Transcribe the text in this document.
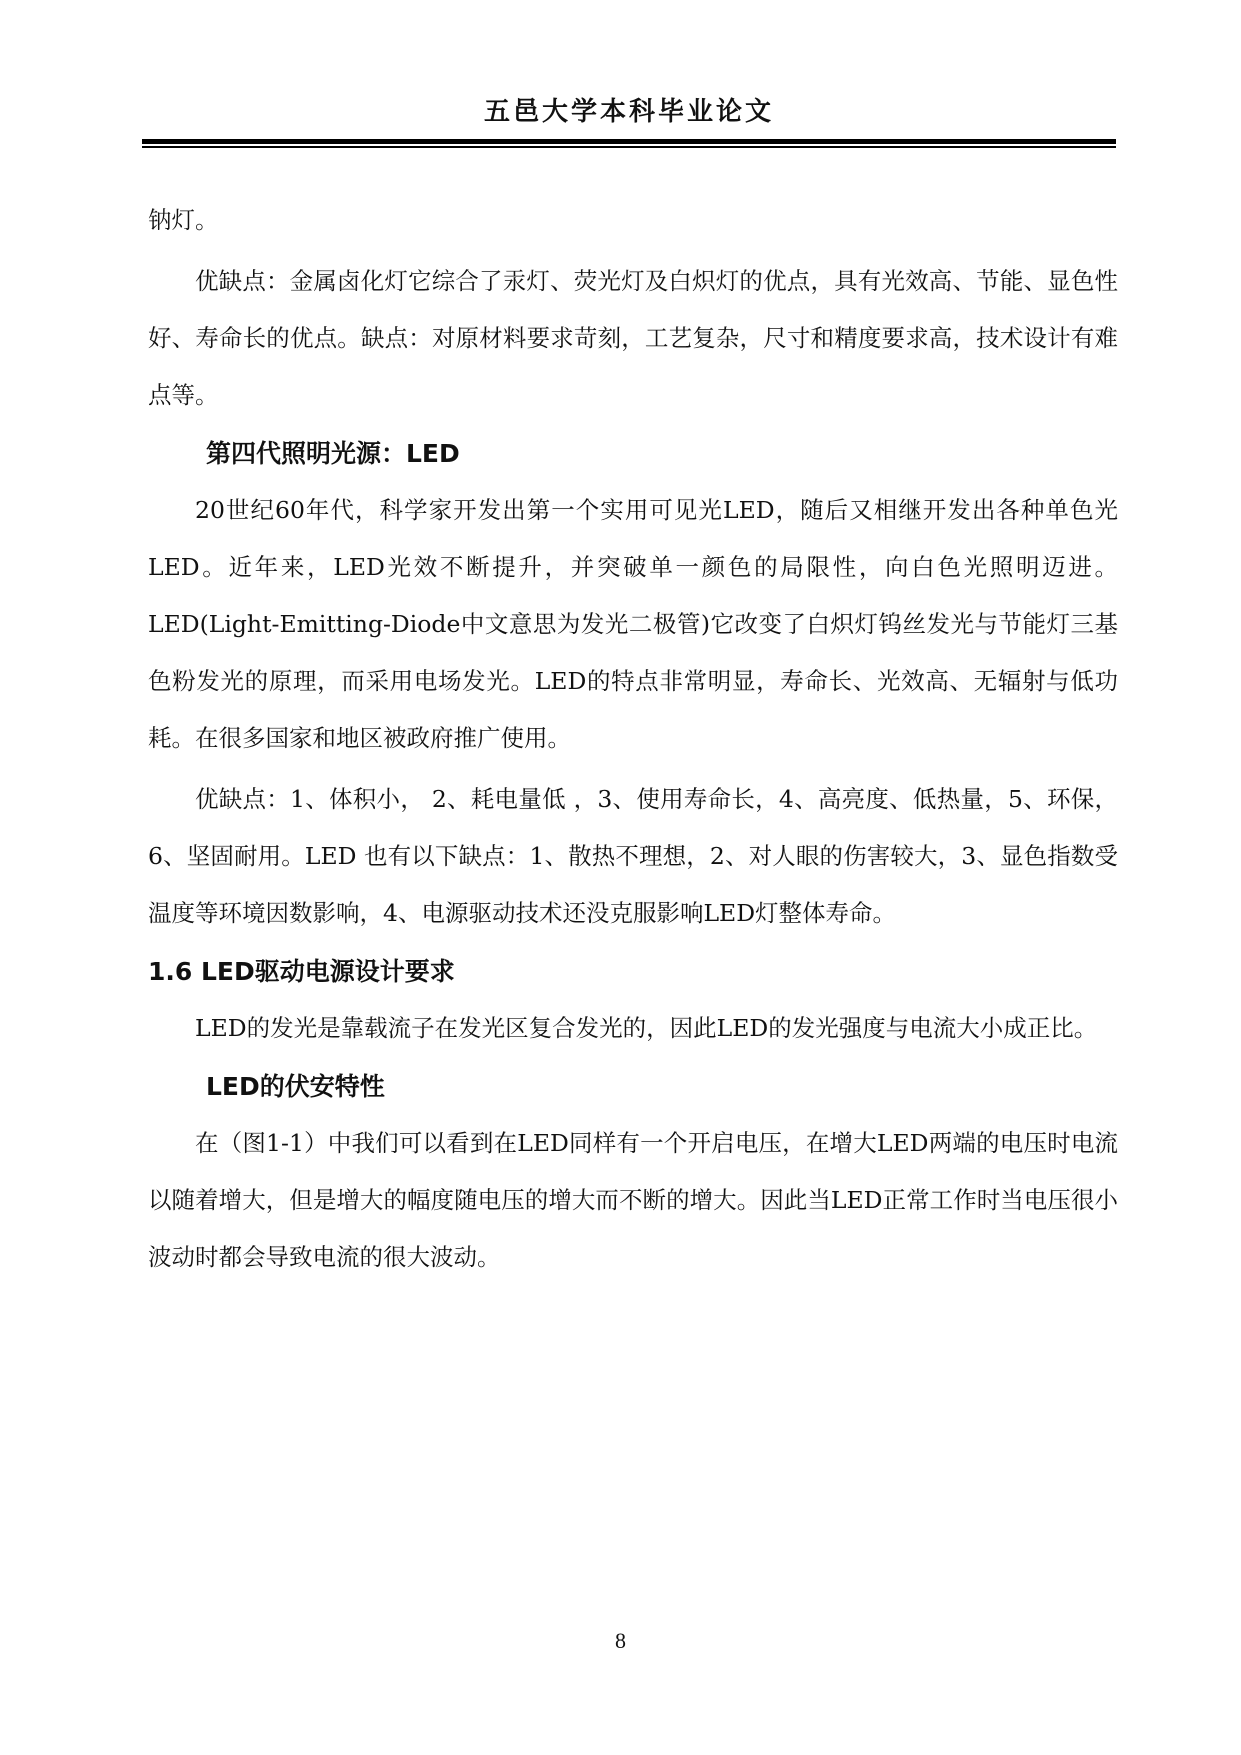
五邑大学本科毕业论文

钠灯。

优缺点：金属卤化灯它综合了汞灯、荧光灯及白炽灯的优点，具有光效高、节能、显色性好、寿命长的优点。缺点：对原材料要求苛刻，工艺复杂，尺寸和精度要求高，技术设计有难点等。

第四代照明光源：LED

20世纪60年代，科学家开发出第一个实用可见光LED，随后又相继开发出各种单色光LED。近年来，LED光效不断提升，并突破单一颜色的局限性，向白色光照明迈进。LED(Light-Emitting-Diode中文意思为发光二极管)它改变了白炽灯钨丝发光与节能灯三基色粉发光的原理，而采用电场发光。LED的特点非常明显，寿命长、光效高、无辐射与低功耗。在很多国家和地区被政府推广使用。

优缺点：1、体积小， 2、耗电量低 ，3、使用寿命长，4、高亮度、低热量，5、环保，6、坚固耐用。LED 也有以下缺点：1、散热不理想，2、对人眼的伤害较大，3、显色指数受温度等环境因数影响，4、电源驱动技术还没克服影响LED灯整体寿命。

1.6 LED驱动电源设计要求

LED的发光是靠载流子在发光区复合发光的，因此LED的发光强度与电流大小成正比。

LED的伏安特性

在（图1-1）中我们可以看到在LED同样有一个开启电压，在增大LED两端的电压时电流以随着增大，但是增大的幅度随电压的增大而不断的增大。因此当LED正常工作时当电压很小波动时都会导致电流的很大波动。

8
